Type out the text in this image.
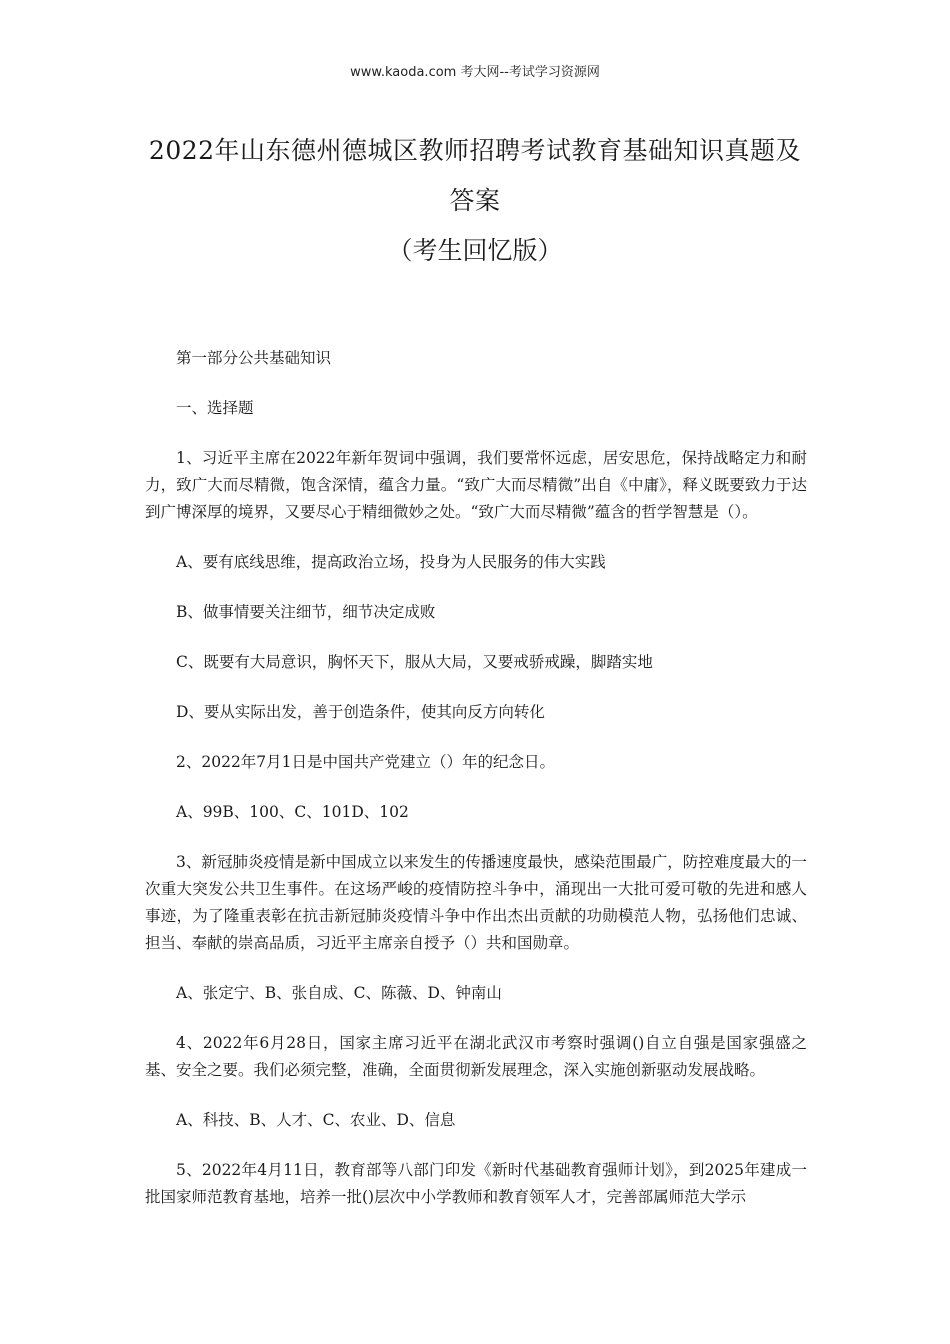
www.kaoda.com 考大网--考试学习资源网
2022年山东德州德城区教师招聘考试教育基础知识真题及
答案
（考生回忆版）

第一部分公共基础知识

一、选择题

1、习近平主席在2022年新年贺词中强调，我们要常怀远虑，居安思危，保持战略定力和耐力，致广大而尽精微，饱含深情，蕴含力量。“致广大而尽精微”出自《中庸》，释义既要致力于达到广博深厚的境界，又要尽心于精细微妙之处。“致广大而尽精微”蕴含的哲学智慧是（）。

A、要有底线思维，提高政治立场，投身为人民服务的伟大实践

B、做事情要关注细节，细节决定成败

C、既要有大局意识，胸怀天下，服从大局，又要戒骄戒躁，脚踏实地

D、要从实际出发，善于创造条件，使其向反方向转化

2、2022年7月1日是中国共产党建立（）年的纪念日。

A、99B、100、C、101D、102

3、新冠肺炎疫情是新中国成立以来发生的传播速度最快，感染范围最广，防控难度最大的一次重大突发公共卫生事件。在这场严峻的疫情防控斗争中，涌现出一大批可爱可敬的先进和感人事迹，为了隆重表彰在抗击新冠肺炎疫情斗争中作出杰出贡献的功勋模范人物，弘扬他们忠诚、担当、奉献的崇高品质，习近平主席亲自授予（）共和国勋章。

A、张定宁、B、张自成、C、陈薇、D、钟南山

4、2022年6月28日，国家主席习近平在湖北武汉市考察时强调()自立自强是国家强盛之基、安全之要。我们必须完整，准确，全面贯彻新发展理念，深入实施创新驱动发展战略。

A、科技、B、人才、C、农业、D、信息

5、2022年4月11日，教育部等八部门印发《新时代基础教育强师计划》，到2025年建成一批国家师范教育基地，培养一批()层次中小学教师和教育领军人才，完善部属师范大学示
